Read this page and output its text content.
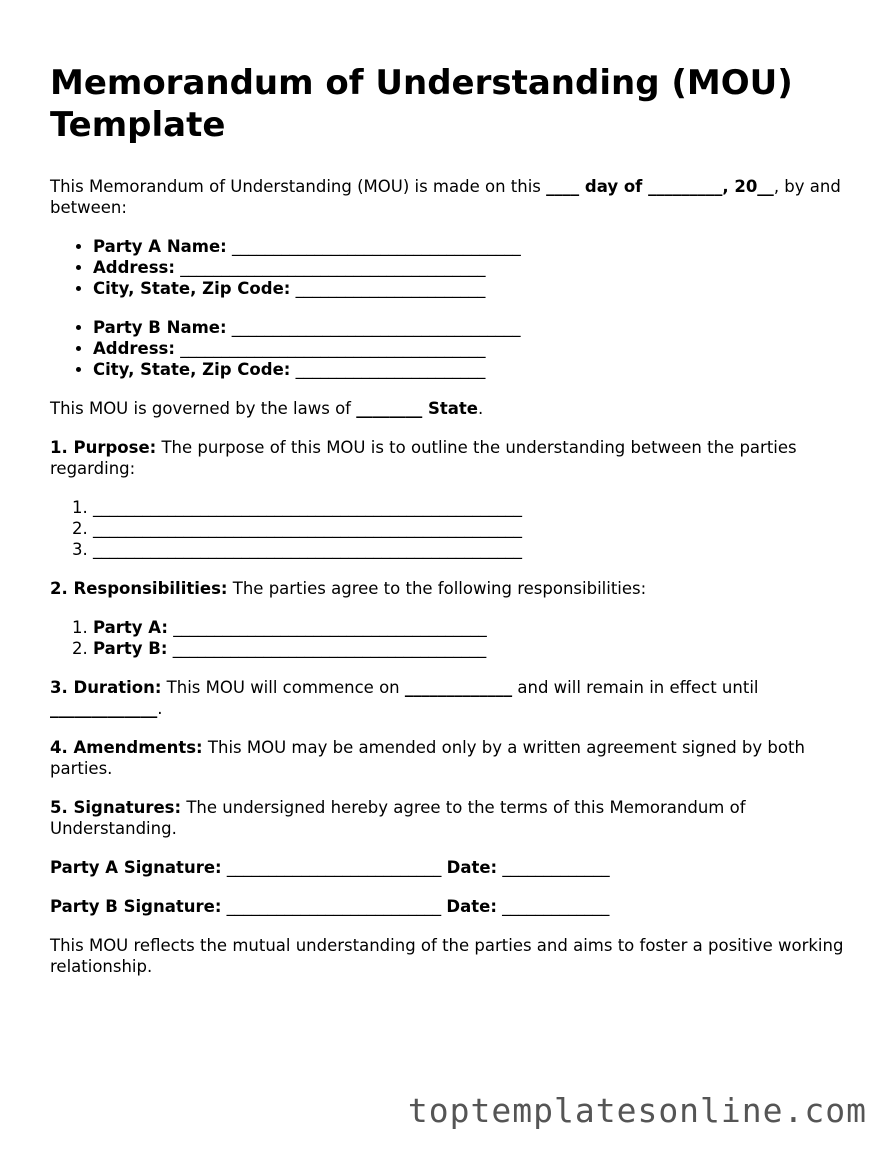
Memorandum of Understanding (MOU) Template

This Memorandum of Understanding (MOU) is made on this ____ day of _________, 20__, by and between:

• Party A Name: ___________________________________
• Address: _____________________________________
• City, State, Zip Code: _______________________
• Party B Name: ___________________________________
• Address: _____________________________________
• City, State, Zip Code: _______________________

This MOU is governed by the laws of ________ State.

1. Purpose: The purpose of this MOU is to outline the understanding between the parties regarding:

1. ____________________________________________________
2. ____________________________________________________
3. ____________________________________________________

2. Responsibilities: The parties agree to the following responsibilities:

1. Party A: ______________________________________
2. Party B: ______________________________________

3. Duration: This MOU will commence on _____________ and will remain in effect until _____________.

4. Amendments: This MOU may be amended only by a written agreement signed by both parties.

5. Signatures: The undersigned hereby agree to the terms of this Memorandum of Understanding.

Party A Signature: __________________________ Date: _____________

Party B Signature: __________________________ Date: _____________

This MOU reflects the mutual understanding of the parties and aims to foster a positive working relationship.

toptemplatesonline.com
